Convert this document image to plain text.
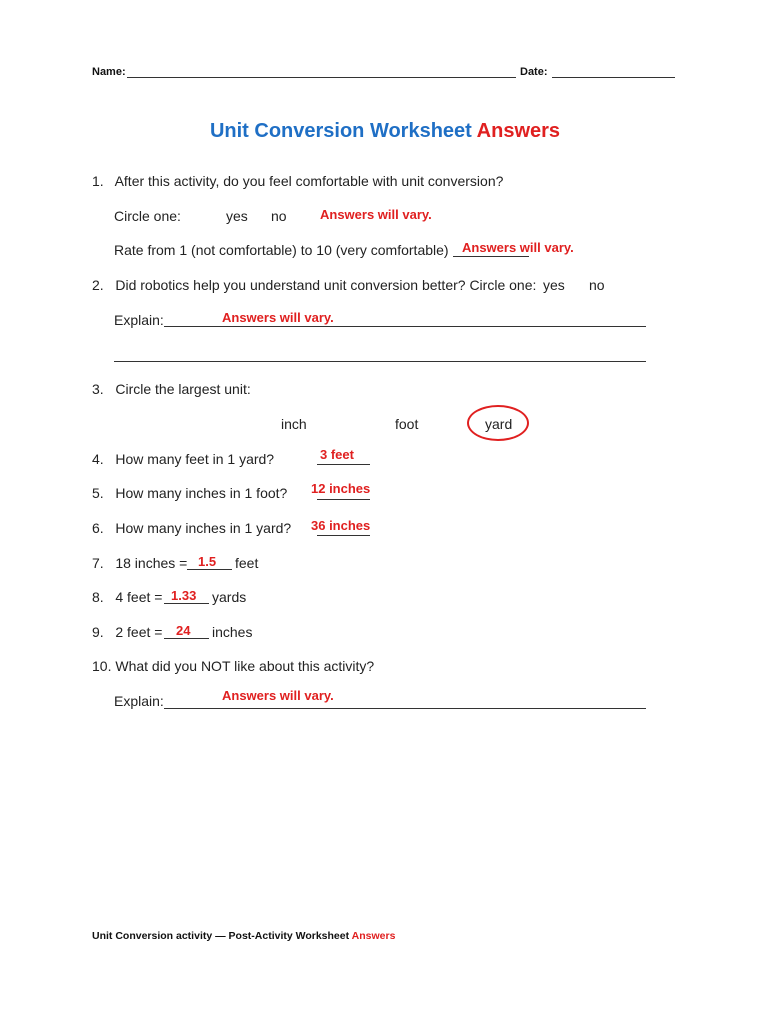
Name:	Date:
Unit Conversion Worksheet Answers
1.   After this activity, do you feel comfortable with unit conversion?
Circle one:	yes no	Answers will vary.
Rate from 1 (not comfortable) to 10 (very comfortable) Answers will vary.
2.   Did robotics help you understand unit conversion better? Circle one: yes no
Explain:	Answers will vary.
3.   Circle the largest unit:
inch	foot	yard
4.   How many feet in 1 yard?	3 feet
5.   How many inches in 1 foot? 12 inches
6.   How many inches in 1 yard? 36 inches
7.   18 inches = 1.5 feet
8.   4 feet = 1.33 yards
9.   2 feet = 24 inches
10. What did you NOT like about this activity?
Explain:	Answers will vary.
Unit Conversion activity — Post-Activity Worksheet Answers
